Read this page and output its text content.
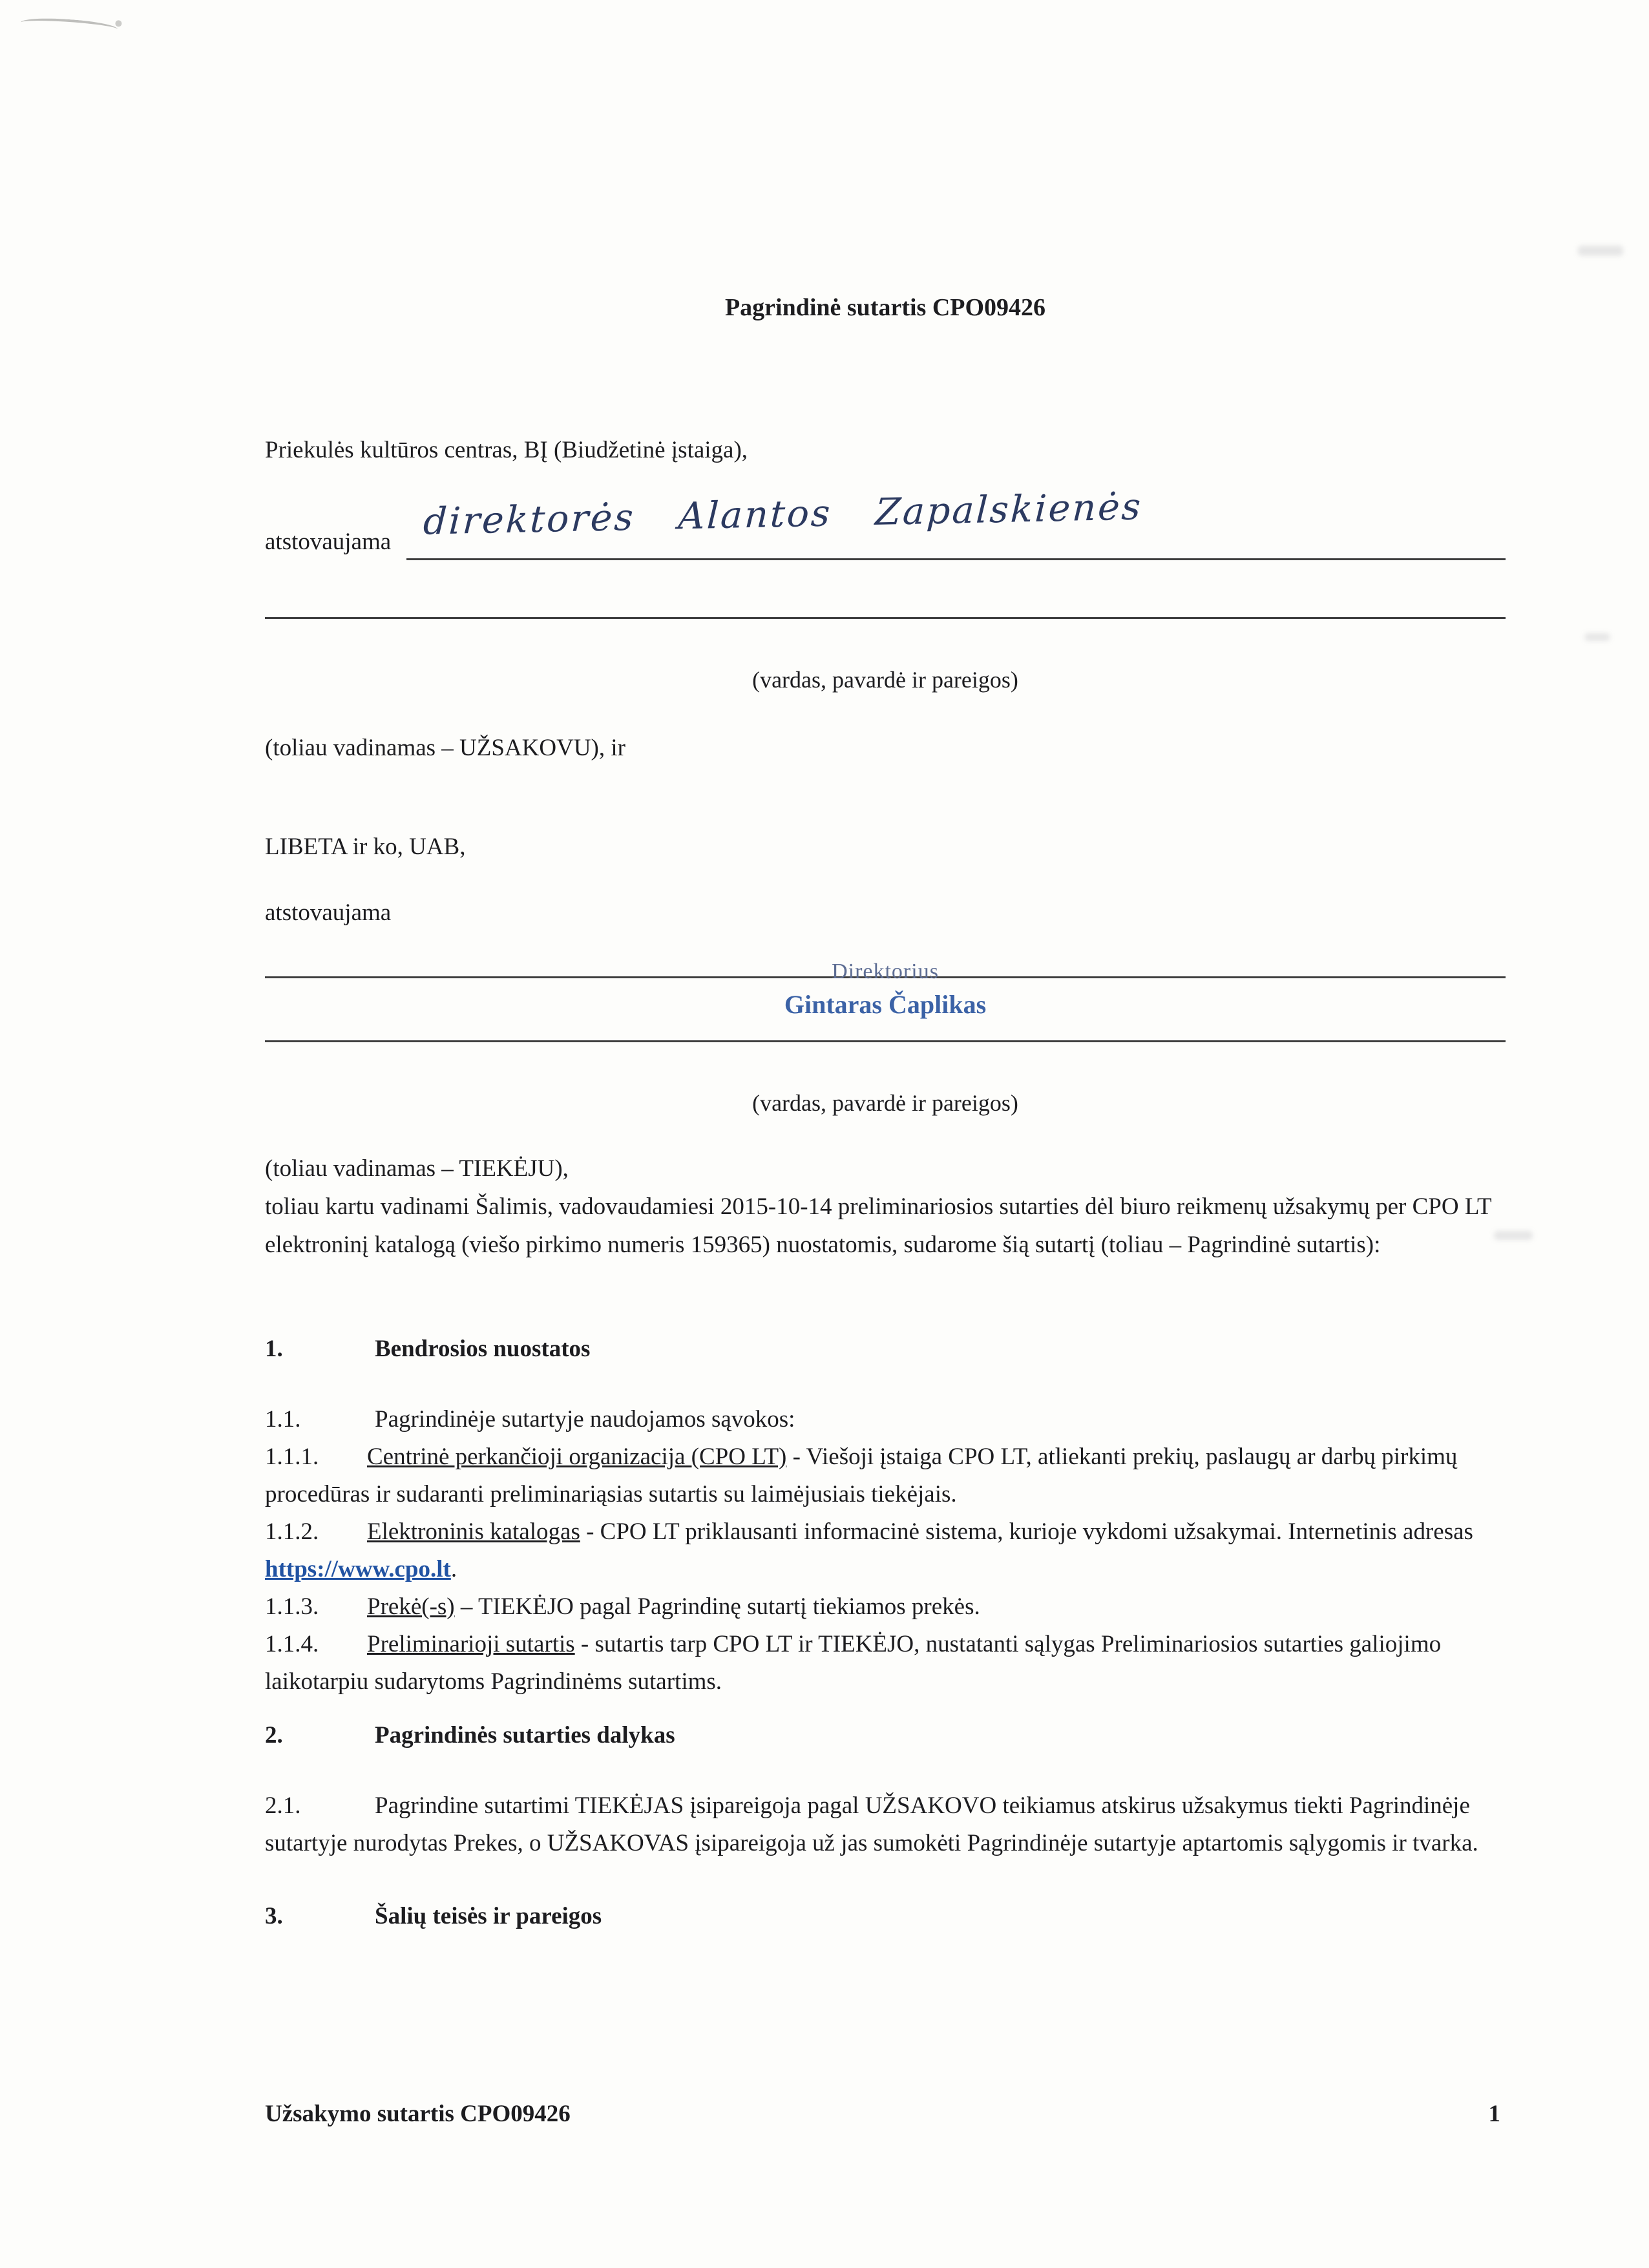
Pagrindinė sutartis CPO09426

Priekulės kultūros centras, BĮ (Biudžetinė įstaiga),

atstovaujama direktorės Alantos Zapalskienės

(vardas, pavardė ir pareigos)

(toliau vadinamas – UŽSAKOVU), ir

LIBETA ir ko, UAB,

atstovaujama

Direktorius

Gintaras Čaplikas

(vardas, pavardė ir pareigos)

(toliau vadinamas – TIEKĖJU),

toliau kartu vadinami Šalimis, vadovaudamiesi 2015-10-14 preliminariosios sutarties dėl biuro reikmenų užsakymų per CPO LT elektroninį katalogą (viešo pirkimo numeris 159365) nuostatomis, sudarome šią sutartį (toliau – Pagrindinė sutartis):

1.	Bendrosios nuostatos

1.1.	Pagrindinėje sutartyje naudojamos sąvokos:

1.1.1. Centrinė perkančioji organizacija (CPO LT) - Viešoji įstaiga CPO LT, atliekanti prekių, paslaugų ar darbų pirkimų procedūras ir sudaranti preliminariąsias sutartis su laimėjusiais tiekėjais.

1.1.2. Elektroninis katalogas - CPO LT priklausanti informacinė sistema, kurioje vykdomi užsakymai. Internetinis adresas https://www.cpo.lt.

1.1.3. Prekė(-s) – TIEKĖJO pagal Pagrindinę sutartį tiekiamos prekės.

1.1.4. Preliminarioji sutartis - sutartis tarp CPO LT ir TIEKĖJO, nustatanti sąlygas Preliminariosios sutarties galiojimo laikotarpiu sudarytoms Pagrindinėms sutartims.

2.	Pagrindinės sutarties dalykas

2.1.	Pagrindine sutartimi TIEKĖJAS įsipareigoja pagal UŽSAKOVO teikiamus atskirus užsakymus tiekti Pagrindinėje sutartyje nurodytas Prekes, o UŽSAKOVAS įsipareigoja už jas sumokėti Pagrindinėje sutartyje aptartomis sąlygomis ir tvarka.

3.	Šalių teisės ir pareigos

Užsakymo sutartis CPO09426	1
